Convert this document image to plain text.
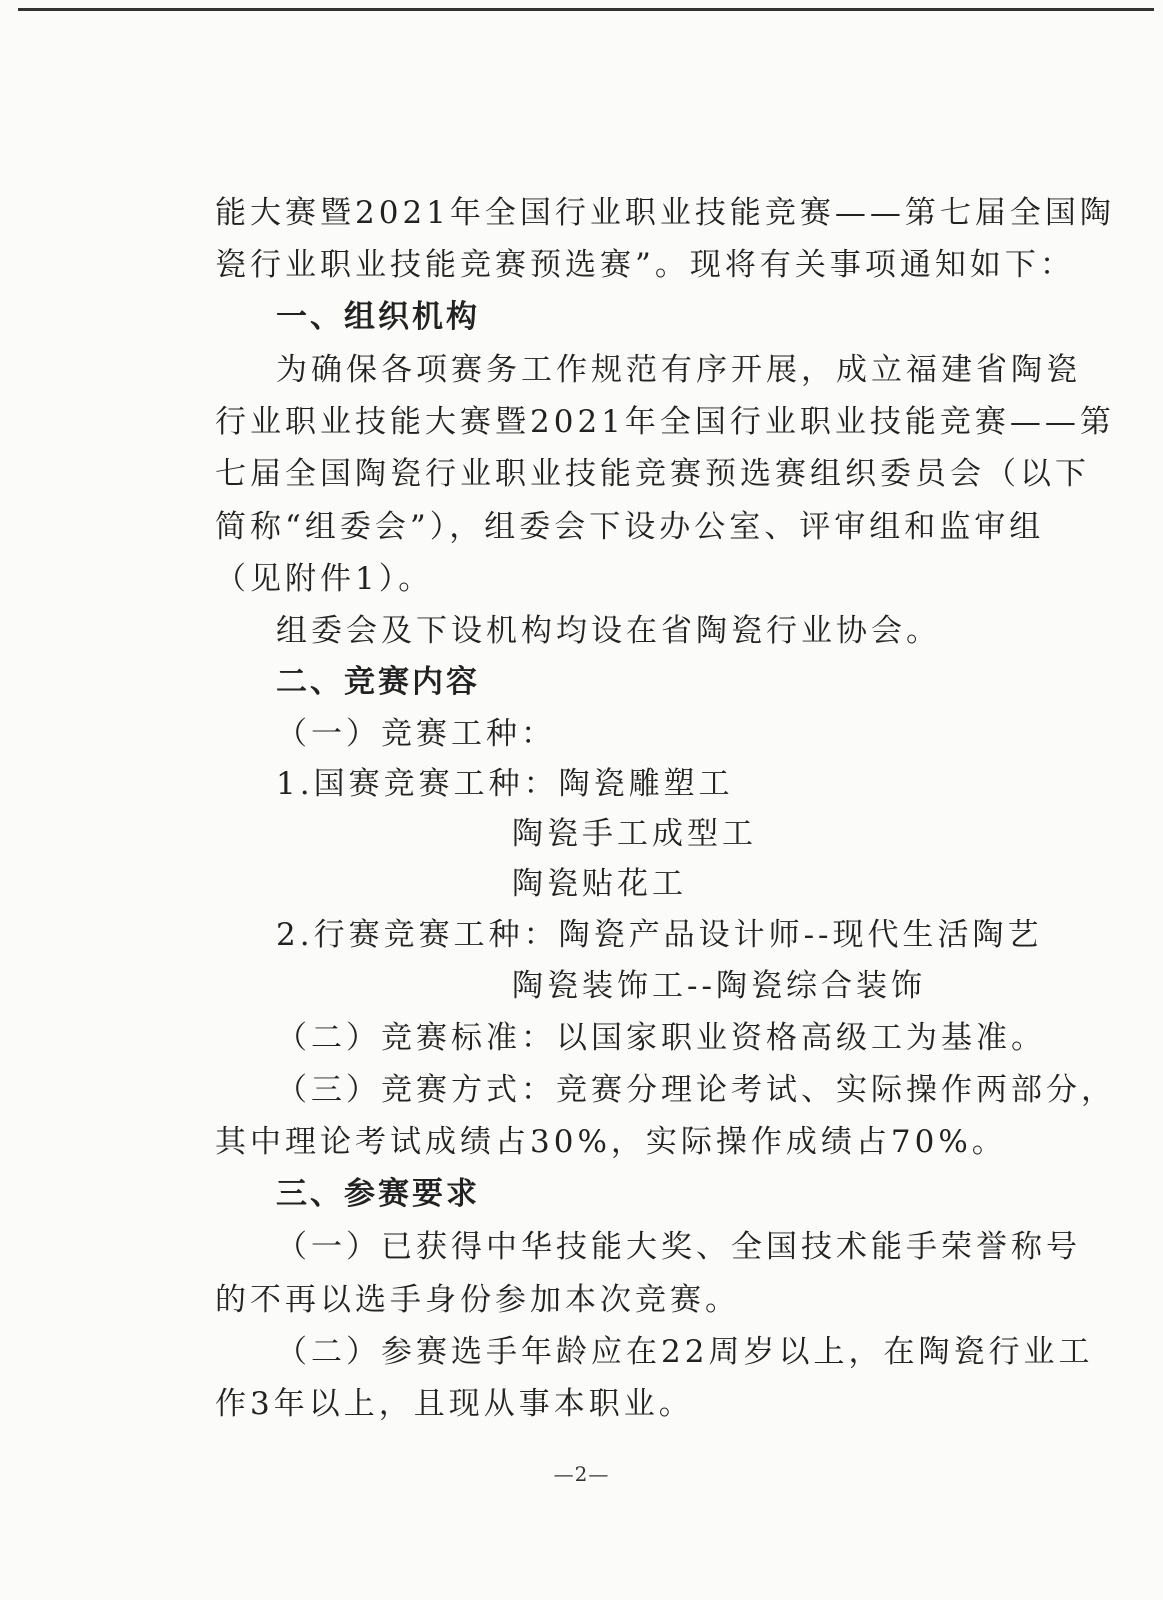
能大赛暨2021年全国行业职业技能竞赛——第七届全国陶
瓷行业职业技能竞赛预选赛”。现将有关事项通知如下：
一、组织机构
为确保各项赛务工作规范有序开展，成立福建省陶瓷
行业职业技能大赛暨2021年全国行业职业技能竞赛——第
七届全国陶瓷行业职业技能竞赛预选赛组织委员会（以下
简称“组委会”），组委会下设办公室、评审组和监审组
（见附件1）。
组委会及下设机构均设在省陶瓷行业协会。
二、竞赛内容
（一）竞赛工种：
1.国赛竞赛工种：陶瓷雕塑工
陶瓷手工成型工
陶瓷贴花工
2.行赛竞赛工种：陶瓷产品设计师--现代生活陶艺
陶瓷装饰工--陶瓷综合装饰
（二）竞赛标准：以国家职业资格高级工为基准。
（三）竞赛方式：竞赛分理论考试、实际操作两部分，
其中理论考试成绩占30%，实际操作成绩占70%。
三、参赛要求
（一）已获得中华技能大奖、全国技术能手荣誉称号
的不再以选手身份参加本次竞赛。
（二）参赛选手年龄应在22周岁以上，在陶瓷行业工
作3年以上，且现从事本职业。
—2—
